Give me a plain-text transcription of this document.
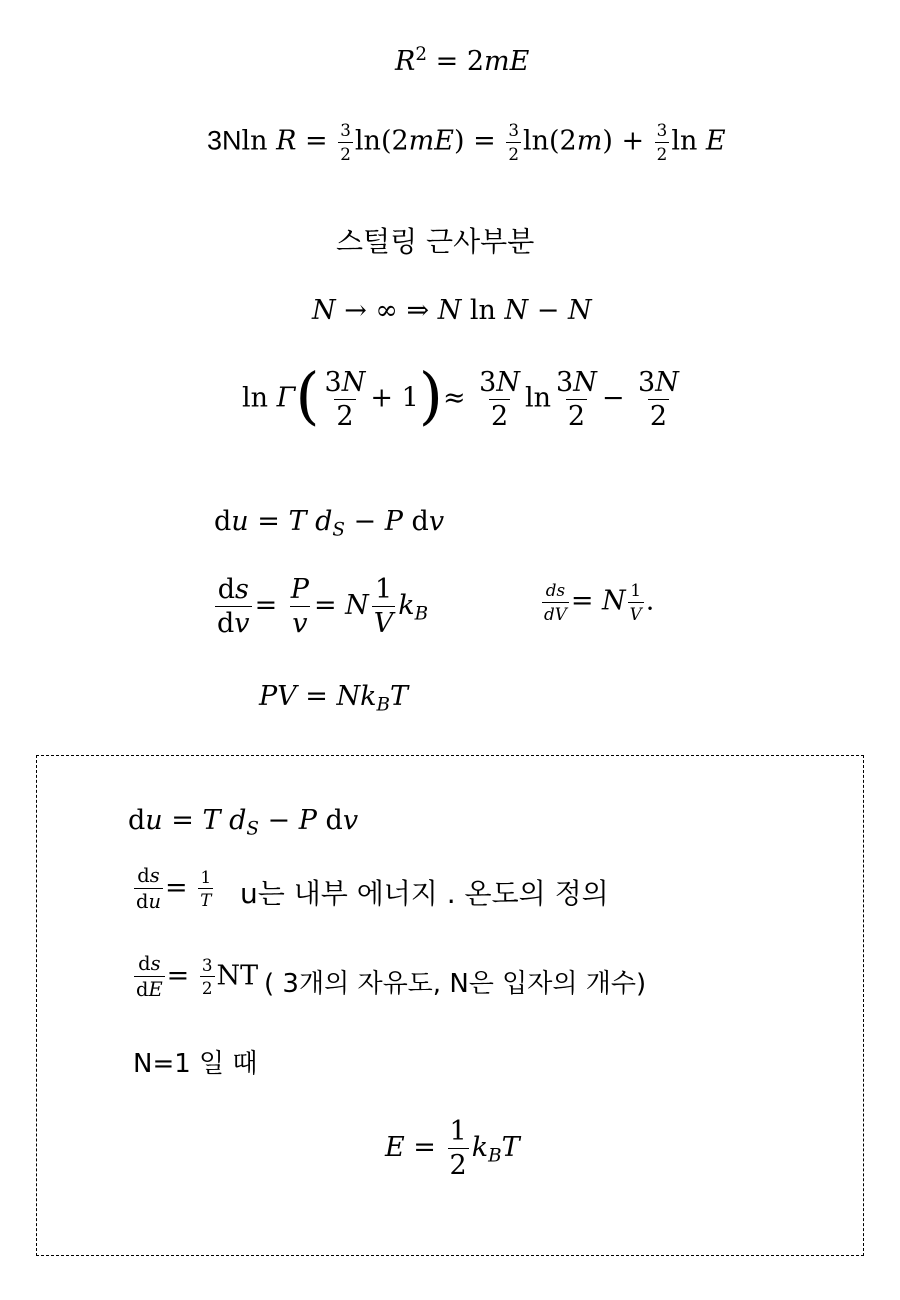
$R^2 = 2mE$
3Nln $R = \frac{3}{2} \ln(2mE) = \frac{3}{2} \ln(2m) + \frac{3}{2}$ ln E
스털링 근사부분
N → ∞ ⇒ N ln N − N
$\ln \Gamma( \frac{3N}{2} + 1)\approx \frac{3N}{2}$ $\ln \frac{3N}{2} - \frac{3N}{2}$
du = T $d_S - P$ dv
$\frac{ds}{dv} = \frac{P}{v} = N \frac{1}{V} k_B$	$\frac{ds}{dV} = N \frac{1}{V}$ .
PV = $Nk_BT$
du = T $d_S - P$ dv
$\frac{ds}{du} = \frac{1}{T}$ u는 내부 에너지 . 온도의 정의
$\frac{ds}{dE} = \frac{3}{2}$ NT ( 3개의 자유도, N은 입자의 개수)
N=1 일 때
$E = \frac{1}{2} k_BT$
